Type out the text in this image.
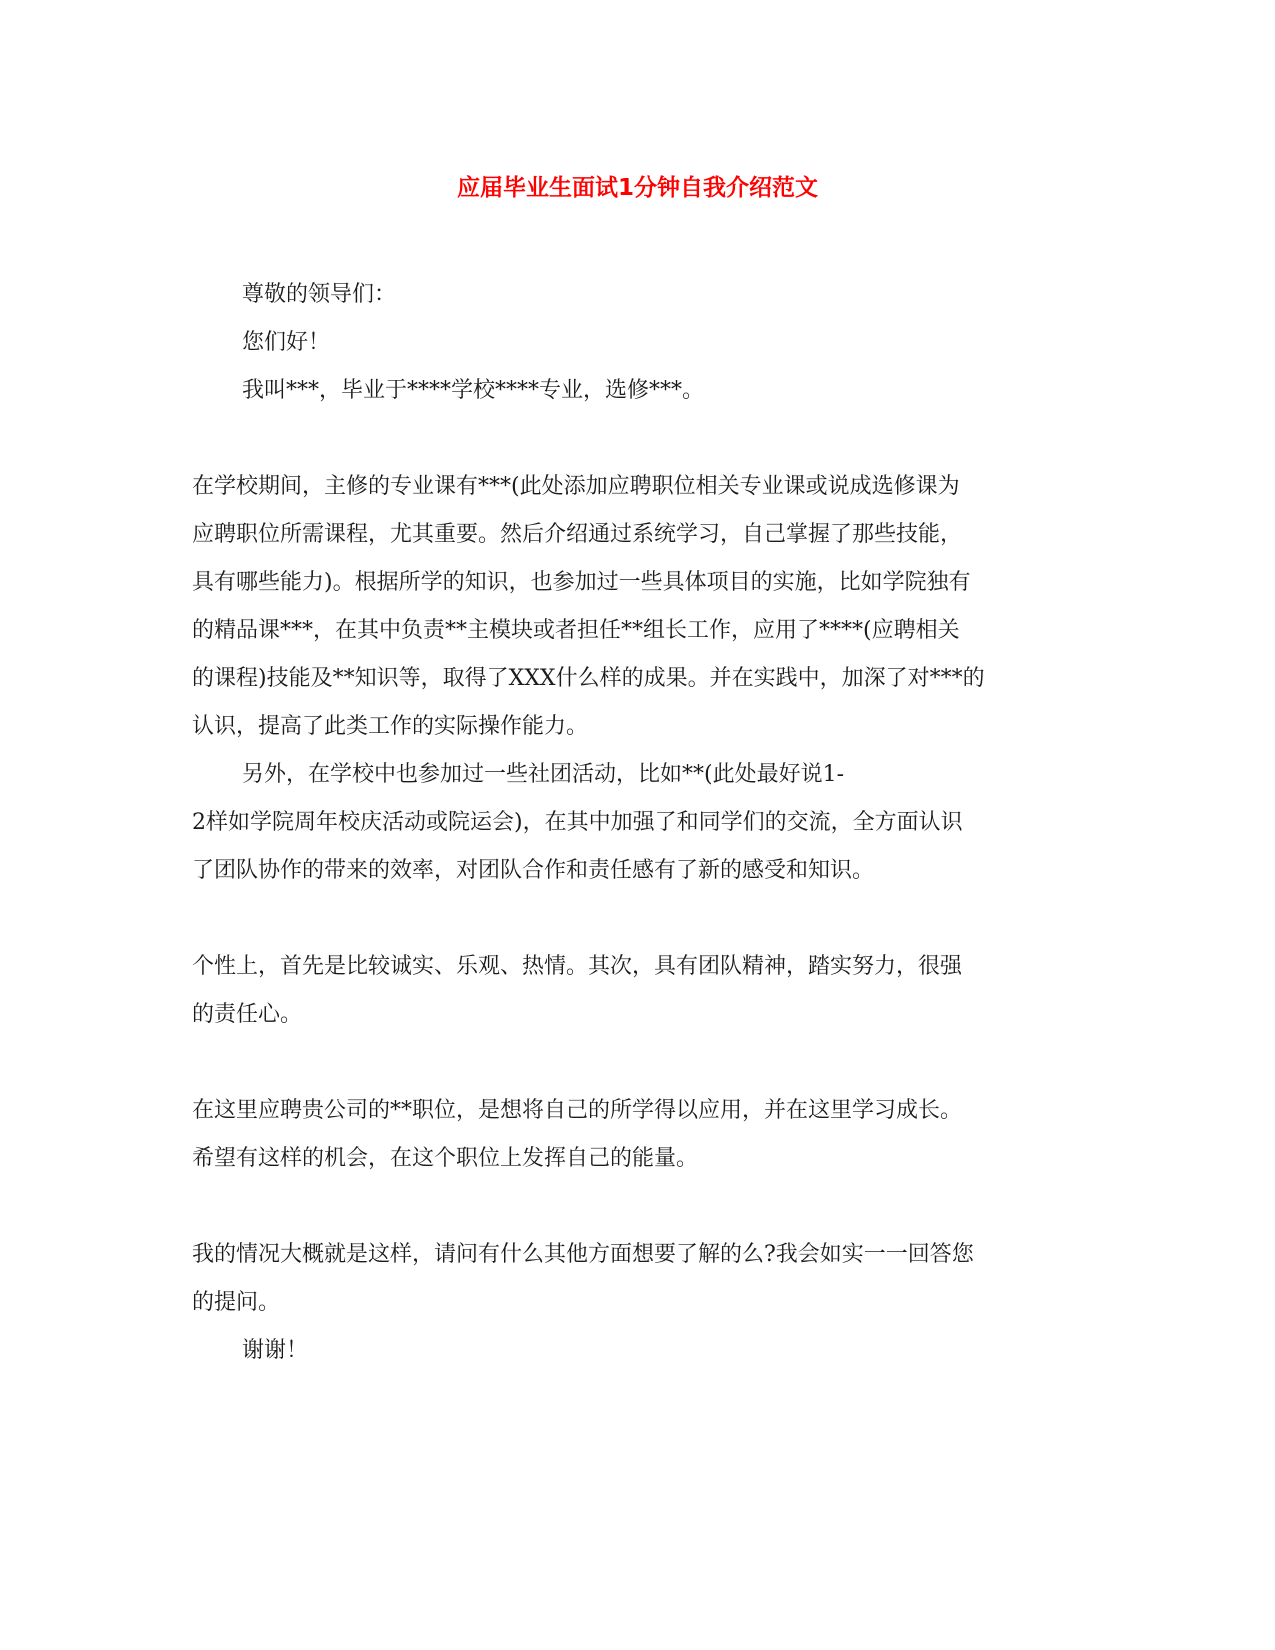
应届毕业生面试1分钟自我介绍范文

尊敬的领导们：

您们好！

我叫***，毕业于****学校****专业，选修***。

在学校期间，主修的专业课有***(此处添加应聘职位相关专业课或说成选修课为

应聘职位所需课程，尤其重要。然后介绍通过系统学习，自己掌握了那些技能，

具有哪些能力)。根据所学的知识，也参加过一些具体项目的实施，比如学院独有

的精品课***，在其中负责**主模块或者担任**组长工作，应用了****(应聘相关

的课程)技能及**知识等，取得了XXX什么样的成果。并在实践中，加深了对***的

认识，提高了此类工作的实际操作能力。

另外，在学校中也参加过一些社团活动，比如**(此处最好说1-

2样如学院周年校庆活动或院运会)，在其中加强了和同学们的交流，全方面认识

了团队协作的带来的效率，对团队合作和责任感有了新的感受和知识。

个性上，首先是比较诚实、乐观、热情。其次，具有团队精神，踏实努力，很强

的责任心。

在这里应聘贵公司的**职位，是想将自己的所学得以应用，并在这里学习成长。

希望有这样的机会，在这个职位上发挥自己的能量。

我的情况大概就是这样，请问有什么其他方面想要了解的么?我会如实一一回答您

的提问。

谢谢！
